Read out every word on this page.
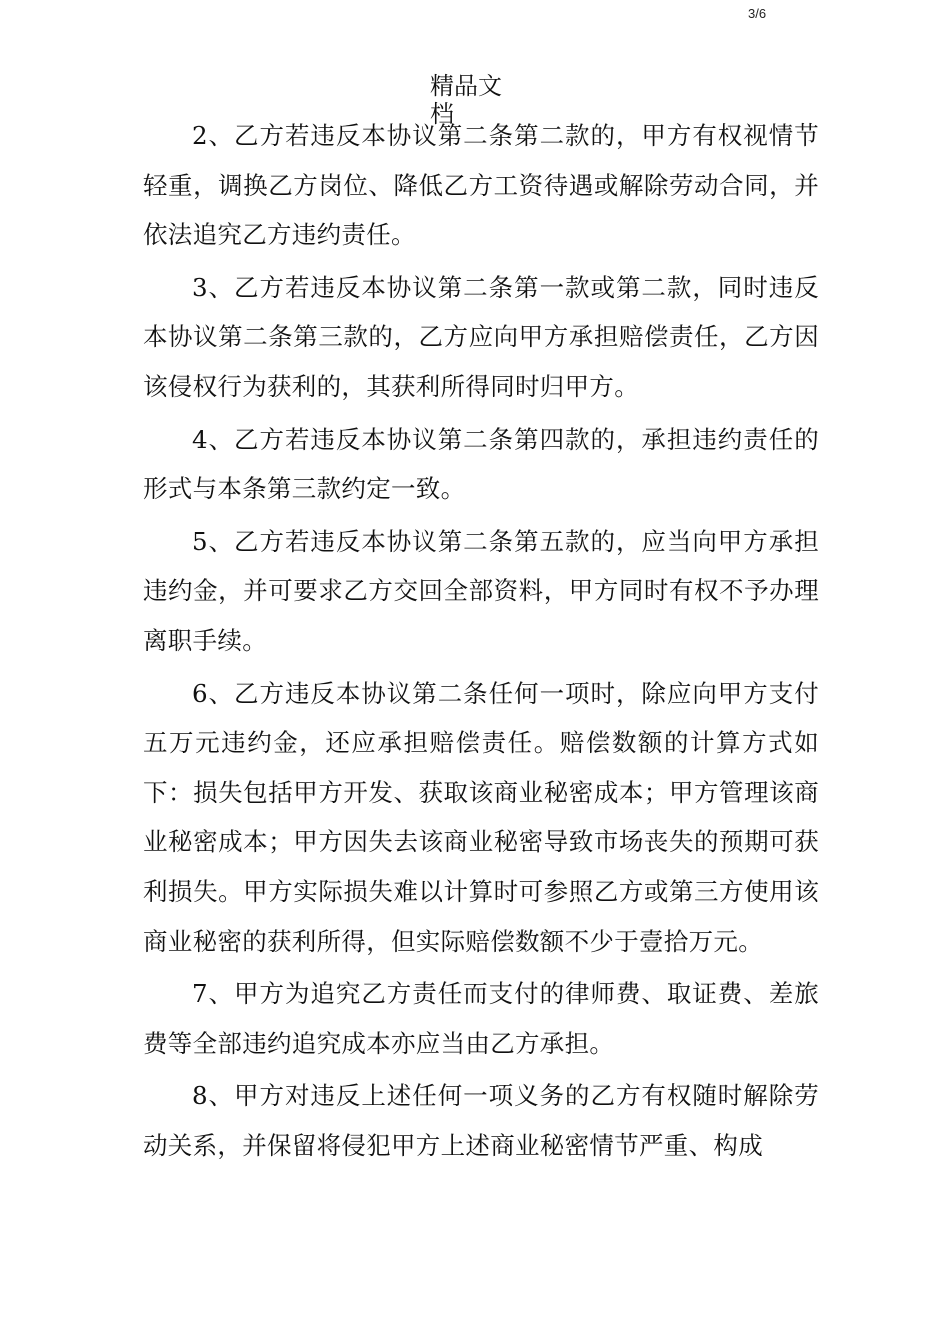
3/6
精品文档

2、乙方若违反本协议第二条第二款的，甲方有权视情节轻重，调换乙方岗位、降低乙方工资待遇或解除劳动合同，并依法追究乙方违约责任。

3、乙方若违反本协议第二条第一款或第二款，同时违反本协议第二条第三款的，乙方应向甲方承担赔偿责任，乙方因该侵权行为获利的，其获利所得同时归甲方。

4、乙方若违反本协议第二条第四款的，承担违约责任的形式与本条第三款约定一致。

5、乙方若违反本协议第二条第五款的，应当向甲方承担违约金，并可要求乙方交回全部资料，甲方同时有权不予办理离职手续。

6、乙方违反本协议第二条任何一项时，除应向甲方支付五万元违约金，还应承担赔偿责任。赔偿数额的计算方式如下：损失包括甲方开发、获取该商业秘密成本；甲方管理该商业秘密成本；甲方因失去该商业秘密导致市场丧失的预期可获利损失。甲方实际损失难以计算时可参照乙方或第三方使用该商业秘密的获利所得，但实际赔偿数额不少于壹拾万元。

7、甲方为追究乙方责任而支付的律师费、取证费、差旅费等全部违约追究成本亦应当由乙方承担。

8、甲方对违反上述任何一项义务的乙方有权随时解除劳动关系，并保留将侵犯甲方上述商业秘密情节严重、构成
